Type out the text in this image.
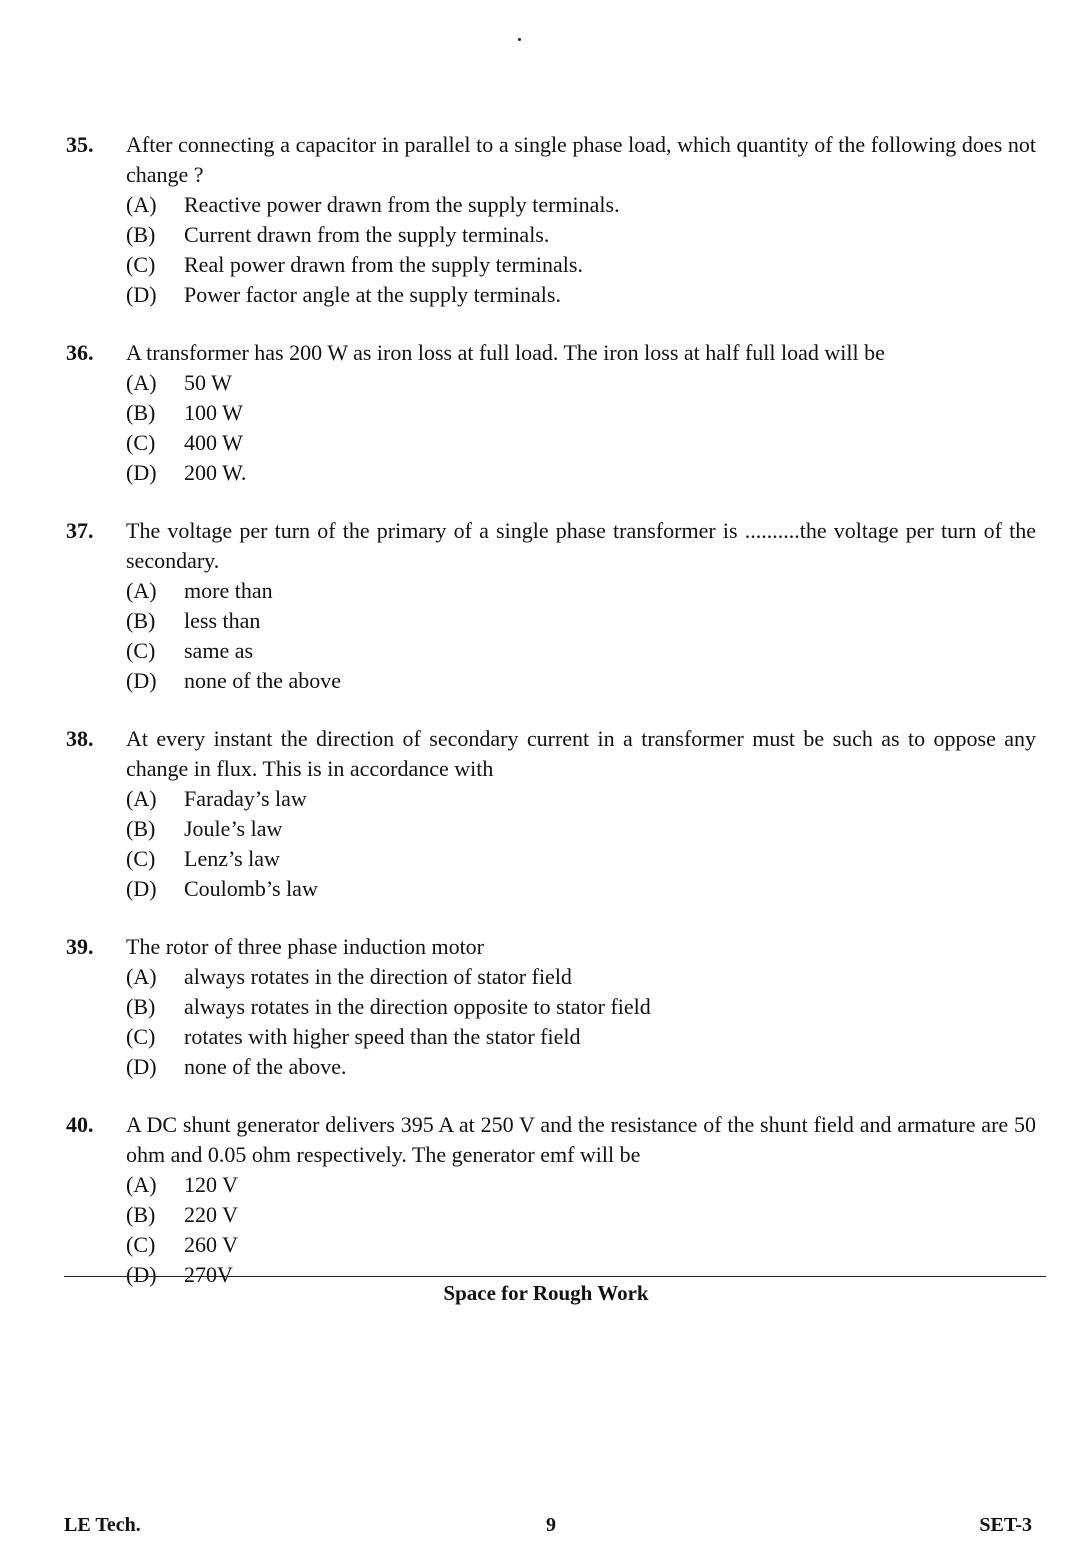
35.	After connecting a capacitor in parallel to a single phase load, which quantity of the following does not change ?
(A)	Reactive power drawn from the supply terminals.
(B)	Current drawn from the supply terminals.
(C)	Real power drawn from the supply terminals.
(D)	Power factor angle at the supply terminals.
36.	A transformer has 200 W as iron loss at full load. The iron loss at half full load will be
(A)	50 W
(B)	100 W
(C)	400 W
(D)	200 W.
37.	The voltage per turn of the primary of a single phase transformer is ..........the voltage per turn of the secondary.
(A)	more than
(B)	less than
(C)	same as
(D)	none of the above
38.	At every instant the direction of secondary current in a transformer must be such as to oppose any change in flux. This is in accordance with
(A)	Faraday’s law
(B)	Joule’s law
(C)	Lenz’s law
(D)	Coulomb’s law
39.	The rotor of three phase induction motor
(A)	always rotates in the direction of stator field
(B)	always rotates in the direction opposite to stator field
(C)	rotates with higher speed than the stator field
(D)	none of the above.
40.	A DC shunt generator delivers 395 A at 250 V and the resistance of the shunt field and armature are 50 ohm and 0.05 ohm respectively. The generator emf will be
(A)	120 V
(B)	220 V
(C)	260 V
(D)	270V
Space for Rough Work
LE Tech.	9	SET-3
